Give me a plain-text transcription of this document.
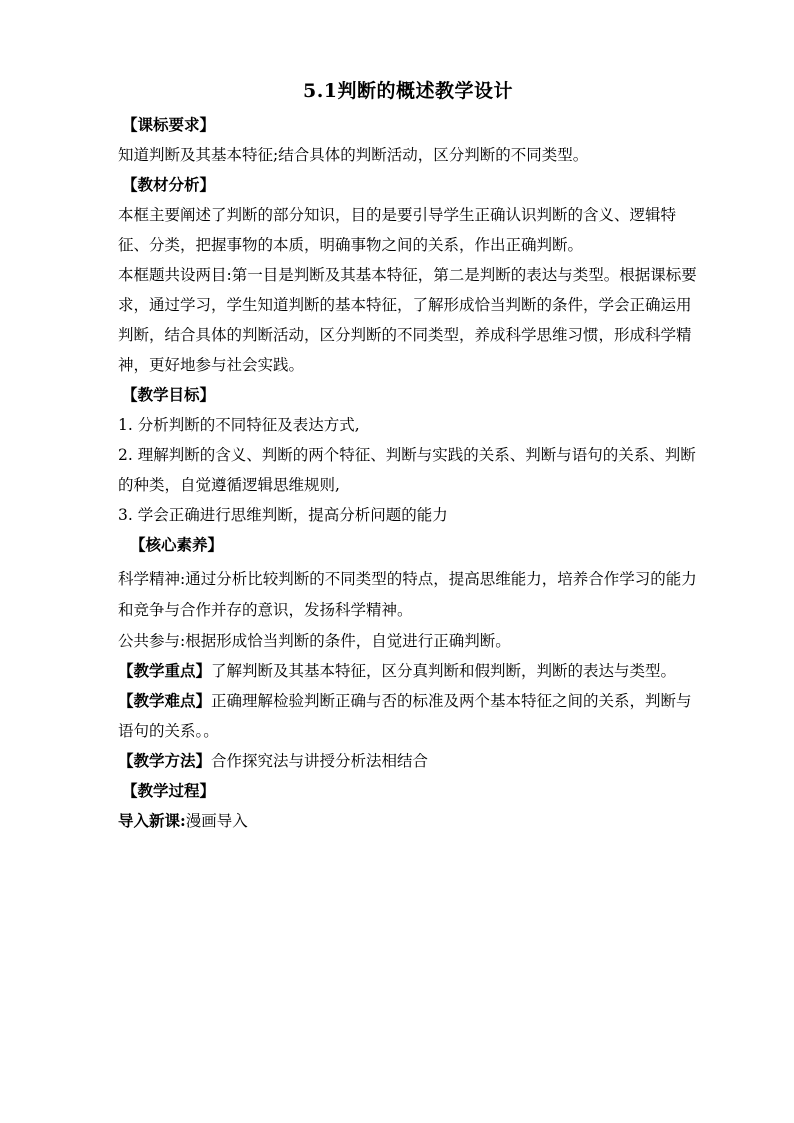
5.1判断的概述教学设计
【课标要求】

知道判断及其基本特征;结合具体的判断活动，区分判断的不同类型。

【教材分析】

本框主要阐述了判断的部分知识，目的是要引导学生正确认识判断的含义、逻辑特征、分类，把握事物的本质，明确事物之间的关系，作出正确判断。

本框题共设两目:第一目是判断及其基本特征，第二是判断的表达与类型。根据课标要求，通过学习，学生知道判断的基本特征，了解形成恰当判断的条件，学会正确运用判断，结合具体的判断活动，区分判断的不同类型，养成科学思维习惯，形成科学精神，更好地参与社会实践。

【教学目标】

1. 分析判断的不同特征及表达方式,

2. 理解判断的含义、判断的两个特征、判断与实践的关系、判断与语句的关系、判断的种类，自觉遵循逻辑思维规则,

3. 学会正确进行思维判断，提高分析问题的能力

【核心素养】

科学精神:通过分析比较判断的不同类型的特点，提高思维能力，培养合作学习的能力和竞争与合作并存的意识，发扬科学精神。

公共参与:根据形成恰当判断的条件，自觉进行正确判断。

【教学重点】了解判断及其基本特征，区分真判断和假判断，判断的表达与类型。

【教学难点】正确理解检验判断正确与否的标准及两个基本特征之间的关系，判断与语句的关系。。

【教学方法】合作探究法与讲授分析法相结合

【教学过程】

导入新课:漫画导入
